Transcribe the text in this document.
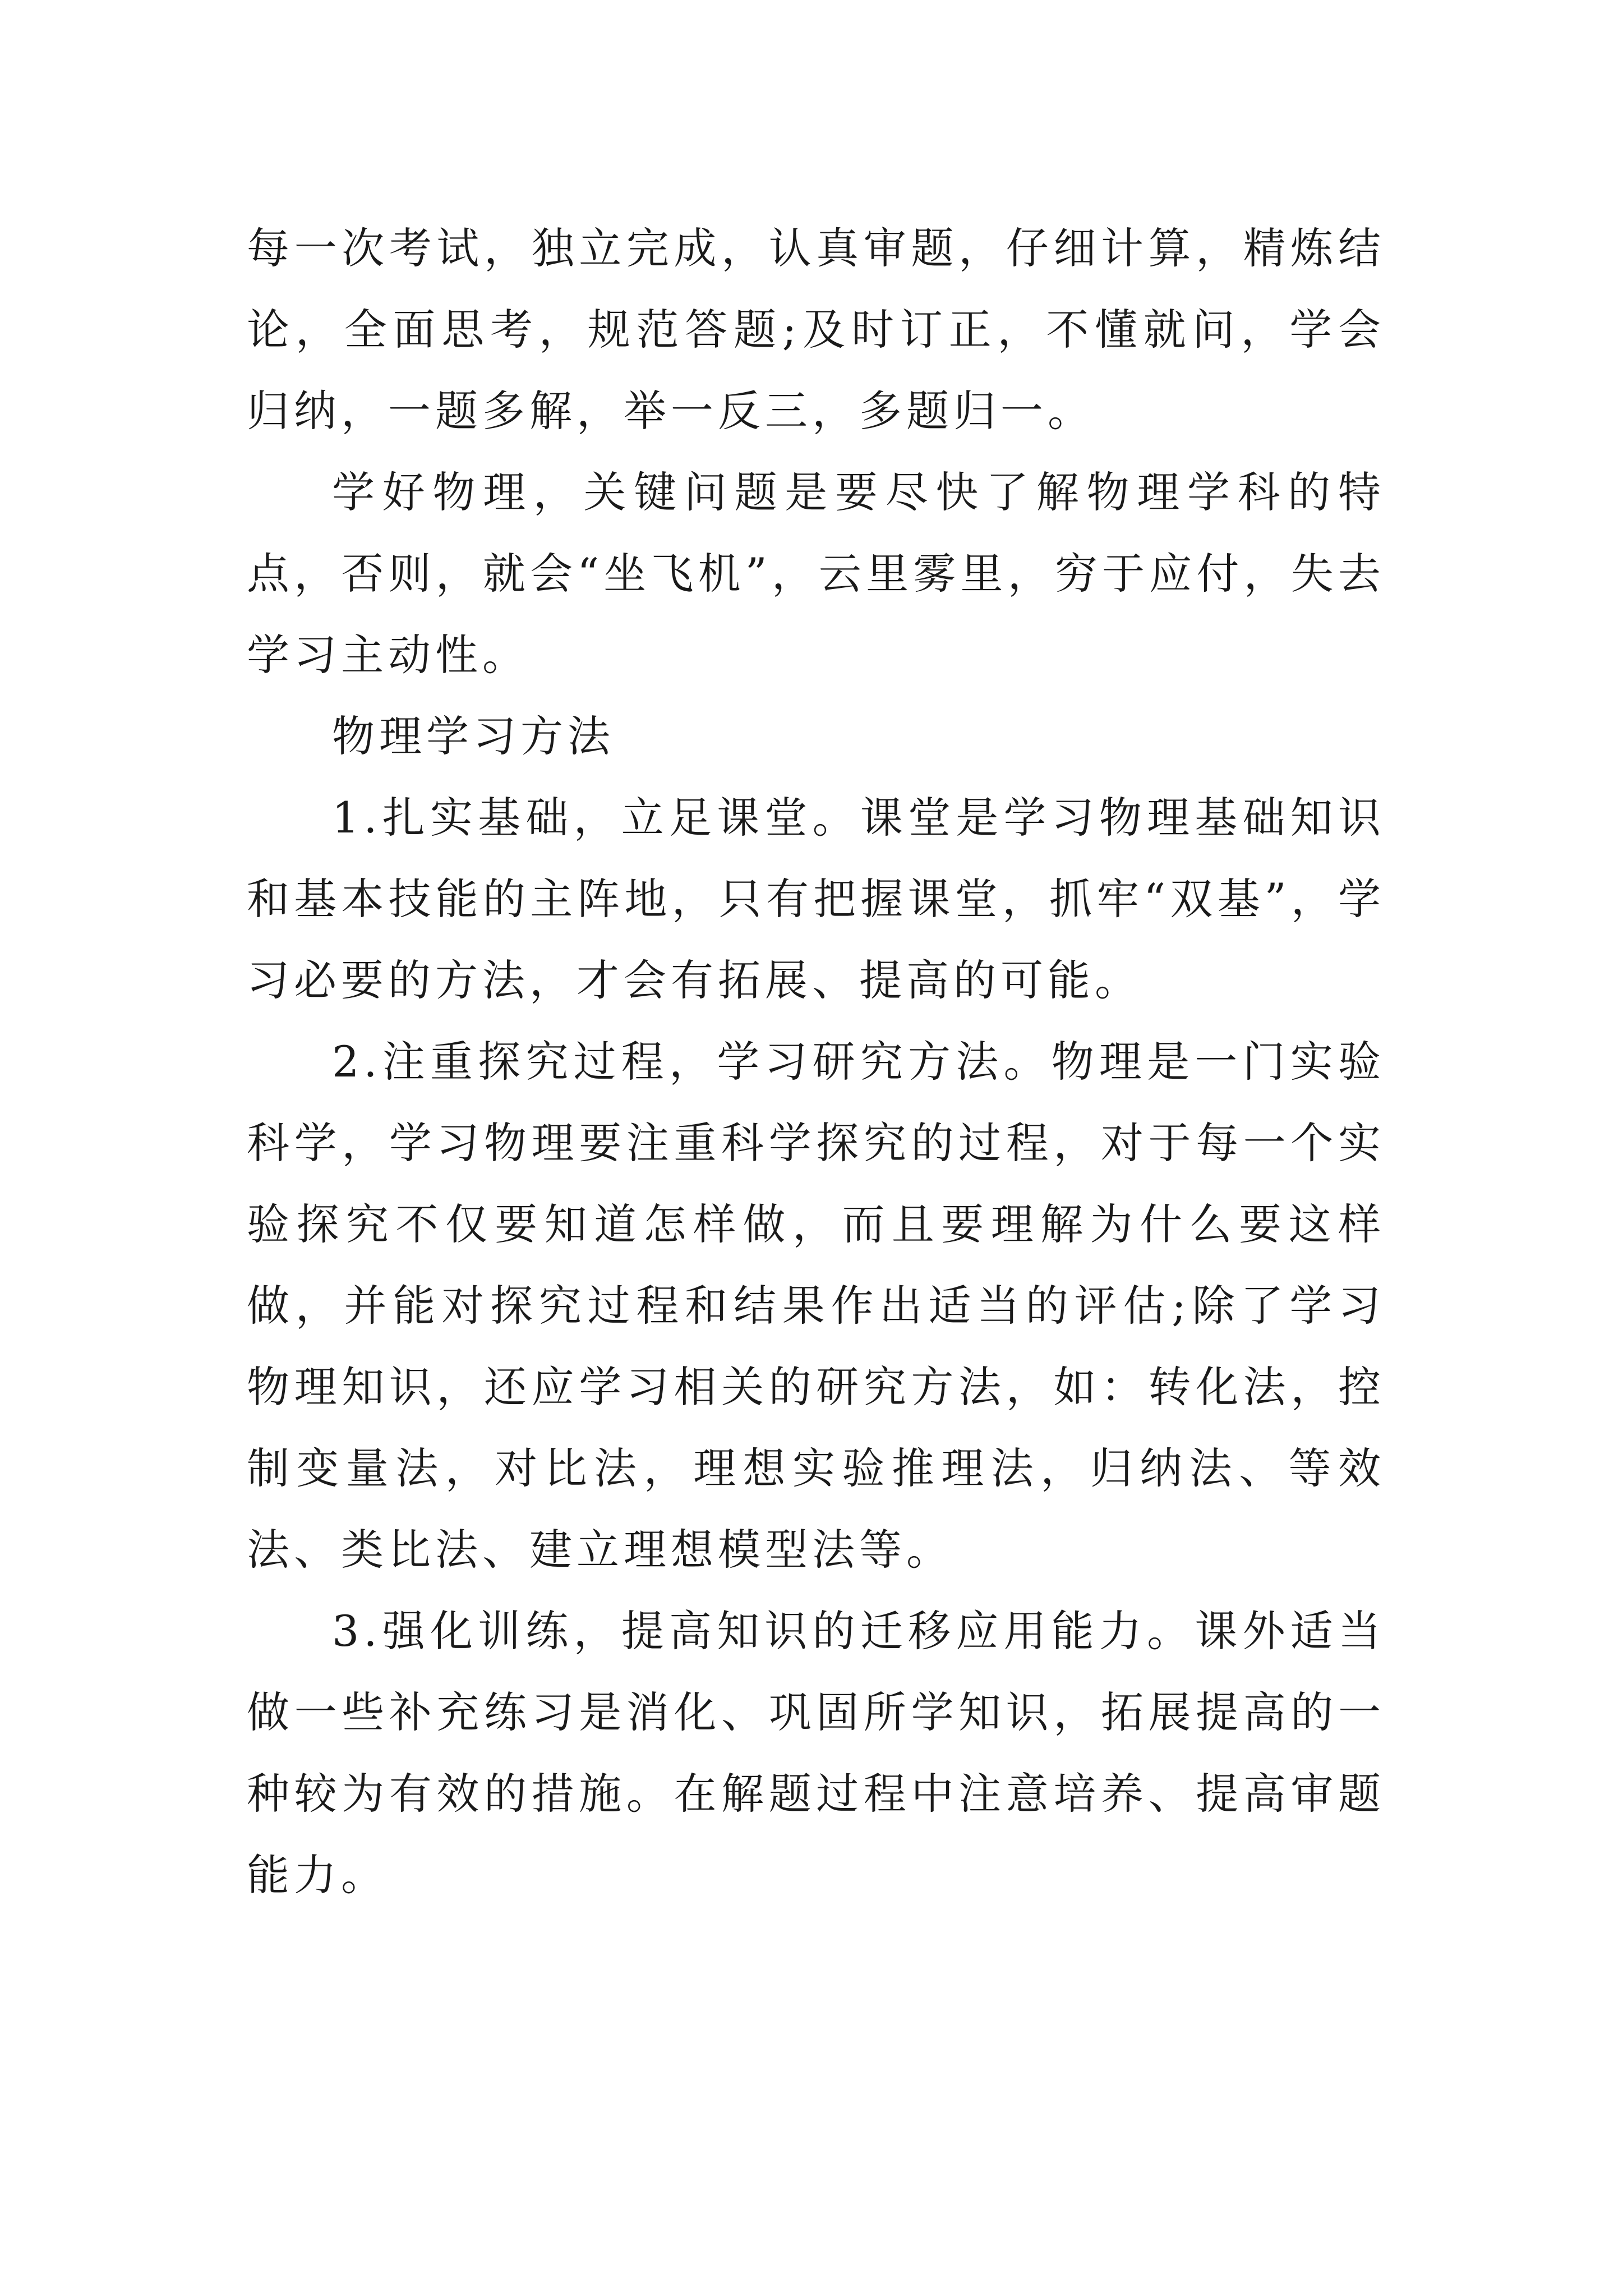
每一次考试，独立完成，认真审题，仔细计算，精炼结论，全面思考，规范答题;及时订正，不懂就问，学会归纳，一题多解，举一反三，多题归一。

学好物理，关键问题是要尽快了解物理学科的特点，否则，就会“坐飞机”，云里雾里，穷于应付，失去学习主动性。

物理学习方法

1.扎实基础，立足课堂。课堂是学习物理基础知识和基本技能的主阵地，只有把握课堂，抓牢“双基”，学习必要的方法，才会有拓展、提高的可能。

2.注重探究过程，学习研究方法。物理是一门实验科学，学习物理要注重科学探究的过程，对于每一个实验探究不仅要知道怎样做，而且要理解为什么要这样做，并能对探究过程和结果作出适当的评估;除了学习物理知识，还应学习相关的研究方法，如：转化法，控制变量法，对比法，理想实验推理法，归纳法、等效法、类比法、建立理想模型法等。

3.强化训练，提高知识的迁移应用能力。课外适当做一些补充练习是消化、巩固所学知识，拓展提高的一种较为有效的措施。在解题过程中注意培养、提高审题能力。
